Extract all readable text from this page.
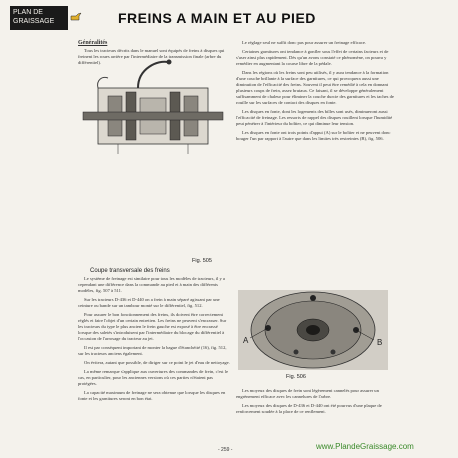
PLAN DE
GRAISSAGE	FREINS A MAIN ET AU PIED
Fig. 505
Coupe transversale des freins
Généralités

Tous les tracteurs décrits dans le manuel sont équipés de freins à disques qui freinent les roues arrière par l'intermédiaire de la transmission finale (arbre du différentiel).

Le système de freinage est similaire pour tous les modèles de tracteurs, il y a cependant une différence dans la commande au pied et à main des différents modèles, fig. 507 à 511.

Sur les tracteurs D-436 et D-440 on a frein à main séparé agissant par une ceinture ou bande sur un tambour monté sur le différentiel, fig. 512.

Pour assurer le bon fonctionnement des freins, ils doivent être correctement réglés et faire l'objet d'un certain entretien. Les freins ne peuvent s'encrasser. Sur les tracteurs du type le plus ancien le frein gauche est exposé à être encrassé lorsque des saletés s'introduisent par l'intermédiaire du blocage du différentiel à l'occasion de l'arrosage du tracteur au jet.

Il est par conséquent important de monter la bague d'étanchéité (16), fig. 512, sur les tracteurs anciens également.

On évitera, autant que possible, de diriger sur ce point le jet d'eau de nettoyage.

La même remarque s'applique aux ouvertures des commandes de frein, c'est le cas, en particulier, pour les anciennes versions où ces parties n'étaient pas protégées.

La capacité maximum de freinage ne sera obtenue que lorsque les disques en fonte et les garnitures seront en bon état.

Le réglage seul ne suffit donc pas pour assurer un freinage efficace.

Certaines garnitures ont tendance à gonfler sous l'effet de certains facteurs et de s'user ainsi plus rapidement. Dès qu'un avons constaté ce phénomène, on pourra y remédier en augmentant la course libre de la pédale.

Dans les régions où les freins sont peu utilisés, il y aura tendance à la formation d'une couche brillante à la surface des garnitures, ce qui provoquera aussi une diminution de l'efficacité des freins. Souvent il peut être remédié à cela en donnant plusieurs coups de frein, assez brutaux. Ce faisant, il se développe généralement suffisamment de chaleur pour éliminer la couche durcie des garnitures et les taches de rouille sur les surfaces de contact des disques en fonte.

Les disques en fonte, dont les logements des billes sont usés, diminueront aussi l'efficacité de freinage. Les ressorts de rappel des disques rouillent lorsque l'humidité peut pénétrer à l'intérieur du boîtier, ce qui diminue leur tension.

Les disques en fonte ont trois points d'appui (A) sur le boîtier et ne peuvent donc bouger l'un par rapport à l'autre que dans les limites très restreintes (B), fig. 506.

A	B
Fig. 506

Les moyeux des disques de frein sont légèrement cannelés pour assurer un engrènement efficace avec les cannelures de l'arbre.

Les moyeux des disques de D-436 et D-440 ont été pourvus d'une plaque de renforcement soudée à la place de ce renflement.

- 259 -	www.PlandeGraissage.com
